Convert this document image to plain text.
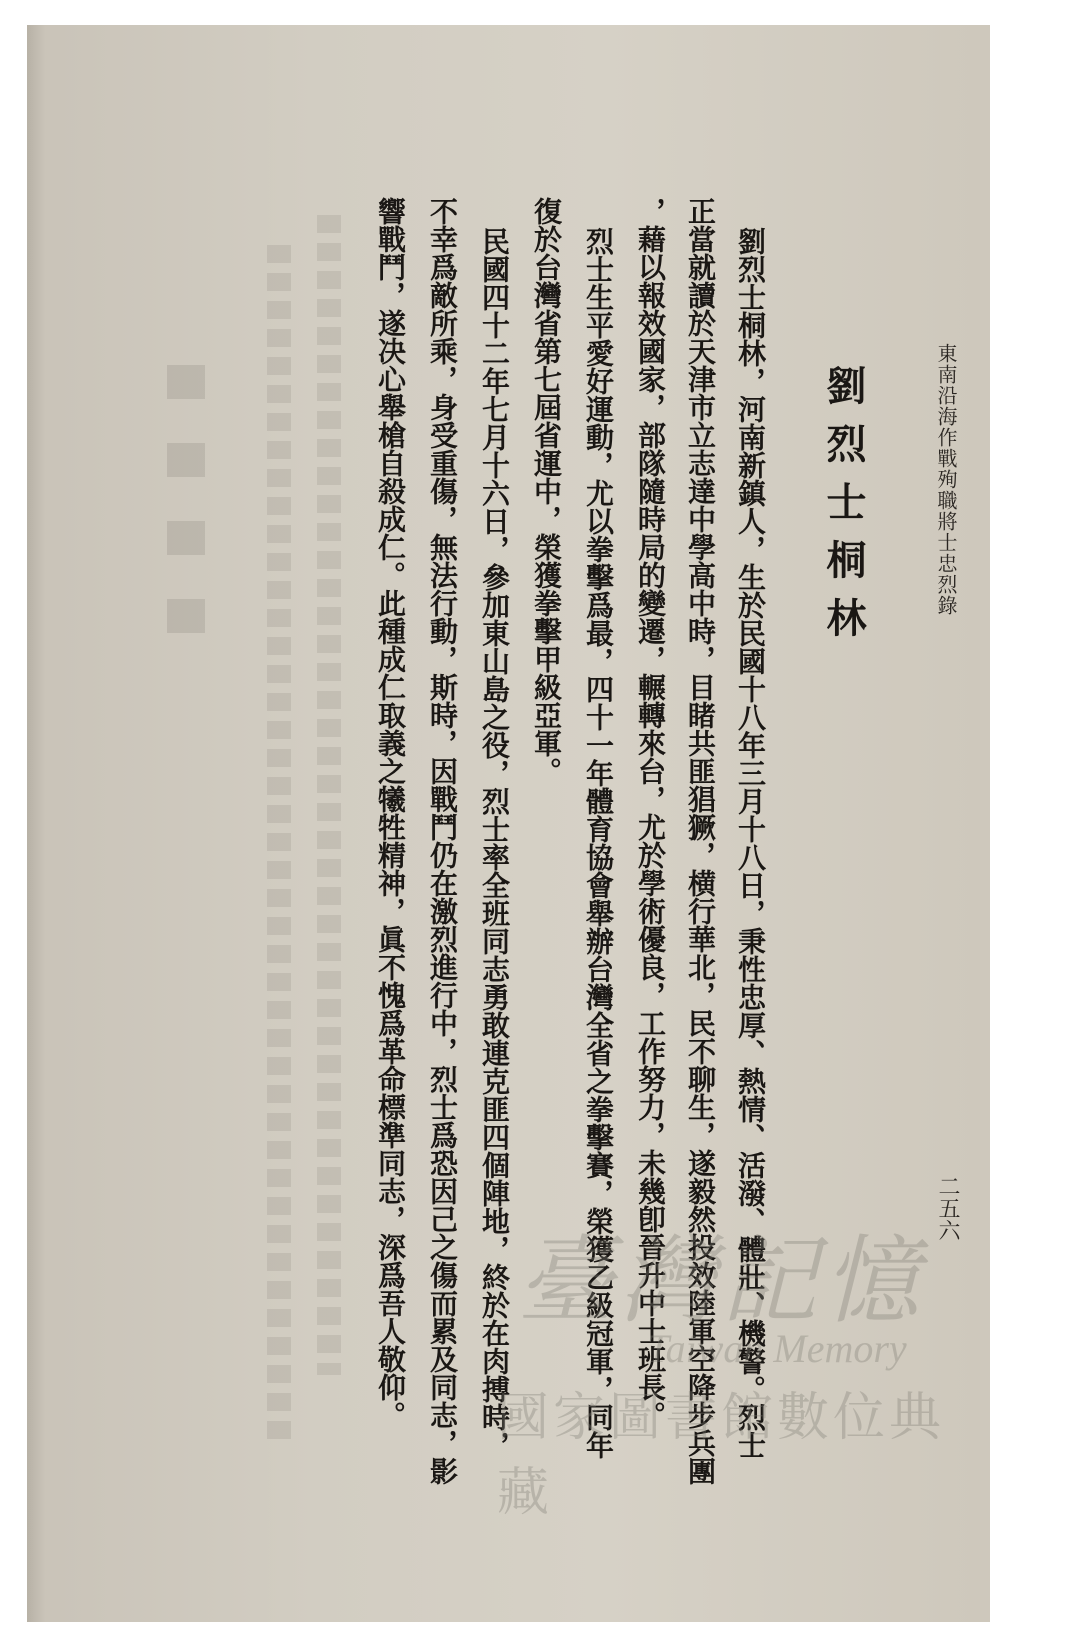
東南沿海作戰殉職將士忠烈錄
二五六
劉烈士桐林
劉烈士桐林，河南新鎮人，生於民國十八年三月十八日，秉性忠厚、熱情、活潑、體壯、機警。烈士
正當就讀於天津市立志達中學高中時，目睹共匪猖獗，横行華北，民不聊生，遂毅然投效陸軍空降步兵團
，藉以報效國家，部隊隨時局的變遷，輾轉來台，尤於學術優良，工作努力，未幾卽晉升中士班長。
烈士生平愛好運動，尤以拳擊爲最，四十一年體育協會舉辦台灣全省之拳擊賽，榮獲乙級冠軍，同年
復於台灣省第七屆省運中，榮獲拳擊甲級亞軍。
民國四十二年七月十六日，參加東山島之役，烈士率全班同志勇敢連克匪四個陣地，終於在肉搏時，
不幸爲敵所乘，身受重傷，無法行動，斯時，因戰鬥仍在激烈進行中，烈士爲恐因己之傷而累及同志，影
響戰鬥，遂决心舉槍自殺成仁。此種成仁取義之犧牲精神，眞不愧爲革命標準同志，深爲吾人敬仰。 臺灣記憶
Taiwan Memory
國家圖書館數位典藏
